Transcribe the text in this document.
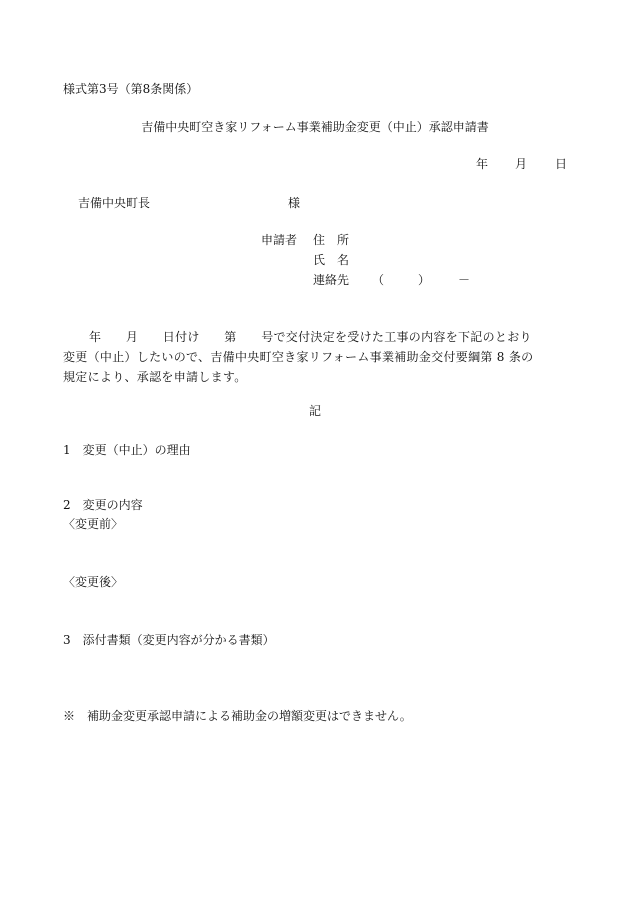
様式第3号（第8条関係）
吉備中央町空き家リフォーム事業補助金変更（中止）承認申請書
年 月 日
吉備中央町長	様
申請者 住　所
氏　名
連絡先 （	） －
年　　月　　日付け　　第　　号で交付決定を受けた工事の内容を下記のとおり
変更（中止）したいので、吉備中央町空き家リフォーム事業補助金交付要綱第 8 条の
規定により、承認を申請します。
記
1　変更（中止）の理由
2　変更の内容
〈変更前〉
〈変更後〉
3　添付書類（変更内容が分かる書類）
※　補助金変更承認申請による補助金の増額変更はできません。
